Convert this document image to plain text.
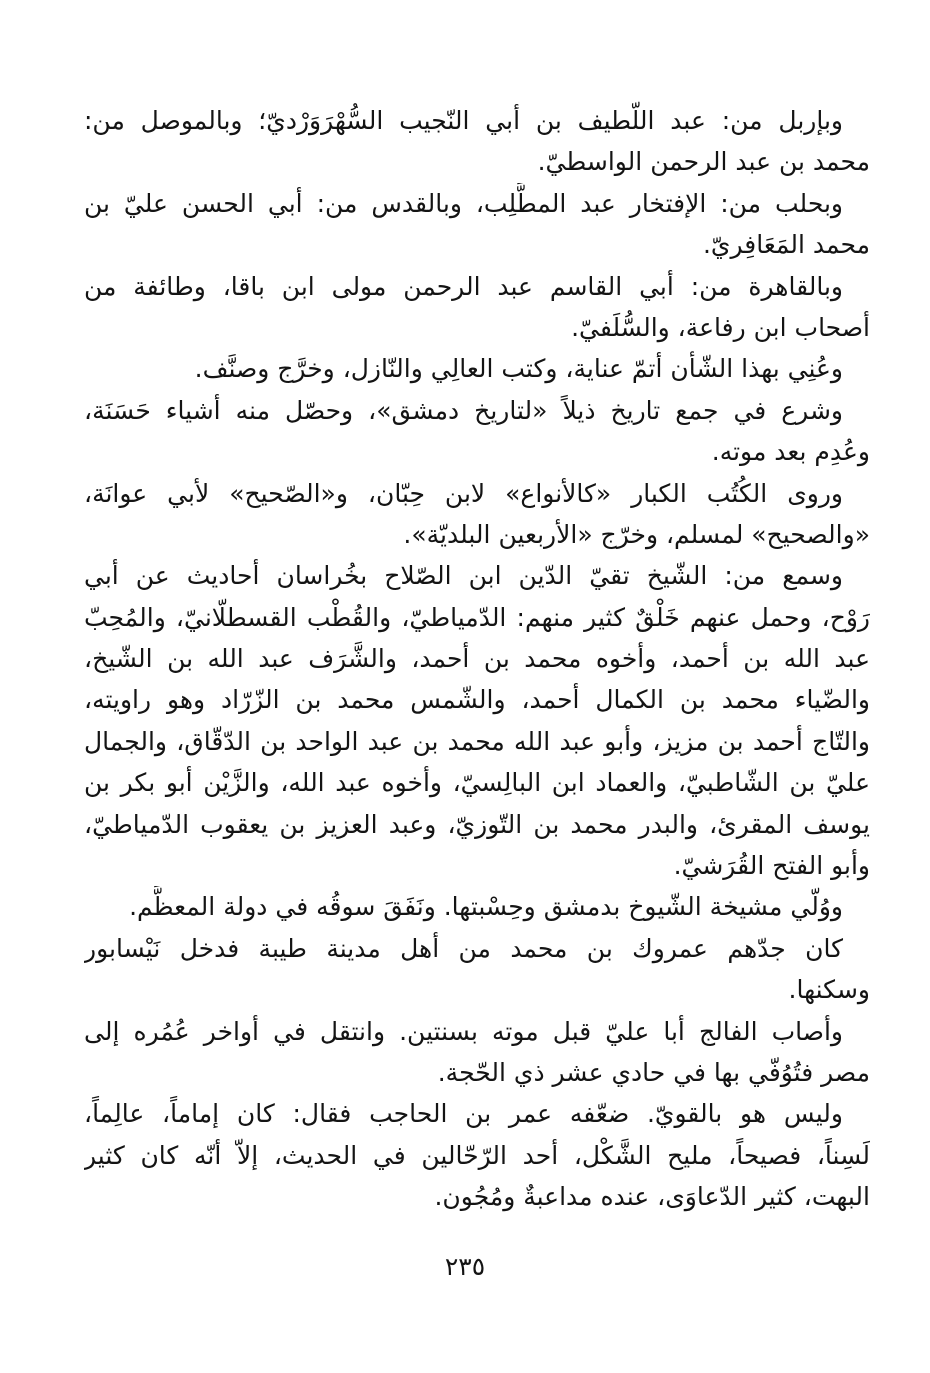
وبإربل من: عبد اللّطيف بن أبي النّجيب السُّهْرَوَرْديّ؛ وبالموصل من:
محمد بن عبد الرحمن الواسطيّ.
وبحلب من: الإفتخار عبد المطَّلِب، وبالقدس من: أبي الحسن عليّ بن
محمد المَعَافِريّ.
وبالقاهرة من: أبي القاسم عبد الرحمن مولى ابن باقا، وطائفة من
أصحاب ابن رفاعة، والسُّلَفيّ.
وعُنِي بهذا الشّأن أتمّ عناية، وكتب العالِي والنّازل، وخرَّج وصنَّف.
وشرع في جمع تاريخ ذيلاً «لتاريخ دمشق»، وحصّل منه أشياء حَسَنَة،
وعُدِم بعد موته.
وروى الكُتُب الكبار «كالأنواع» لابن حِبّان، و«الصّحيح» لأبي عوانَة،
«والصحيح» لمسلم، وخرّج «الأربعين البلديّة».
وسمع من: الشّيخ تقيّ الدّين ابن الصّلاح بخُراسان أحاديث عن أبي
رَوْح، وحمل عنهم خَلْقٌ كثير منهم: الدّمياطيّ، والقُطْب القسطلّانيّ، والمُحِبّ
عبد الله بن أحمد، وأخوه محمد بن أحمد، والشَّرَف عبد الله بن الشّيخ،
والضّياء محمد بن الكمال أحمد، والشّمس محمد بن الزّرّاد وهو راويته،
والتّاج أحمد بن مزيز، وأبو عبد الله محمد بن عبد الواحد بن الدّقّاق، والجمال
عليّ بن الشّاطبيّ، والعماد ابن البالِسيّ، وأخوه عبد الله، والزَّيْن أبو بكر بن
يوسف المقرئ، والبدر محمد بن التّوزيّ، وعبد العزيز بن يعقوب الدّمياطيّ،
وأبو الفتح القُرَشيّ.
ووُلّي مشيخة الشّيوخ بدمشق وحِسْبتها. ونَفَقَ سوقُه في دولة المعظَّم.
كان جدّهم عمروك بن محمد من أهل مدينة طيبة فدخل نَيْسابور
وسكنها.
وأصاب الفالج أبا عليّ قبل موته بسنتين. وانتقل في أواخر عُمُره إلى
مصر فتُوُفّي بها في حادي عشر ذي الحّجة.
وليس هو بالقويّ. ضعّفه عمر بن الحاجب فقال: كان إماماً، عالِماً،
لَسِناً، فصيحاً، مليح الشَّكْل، أحد الرّحّالين في الحديث، إلاّ أنّه كان كثير
البهت، كثير الدّعاوَى، عنده مداعبةٌ ومُجُون.
٢٣٥
